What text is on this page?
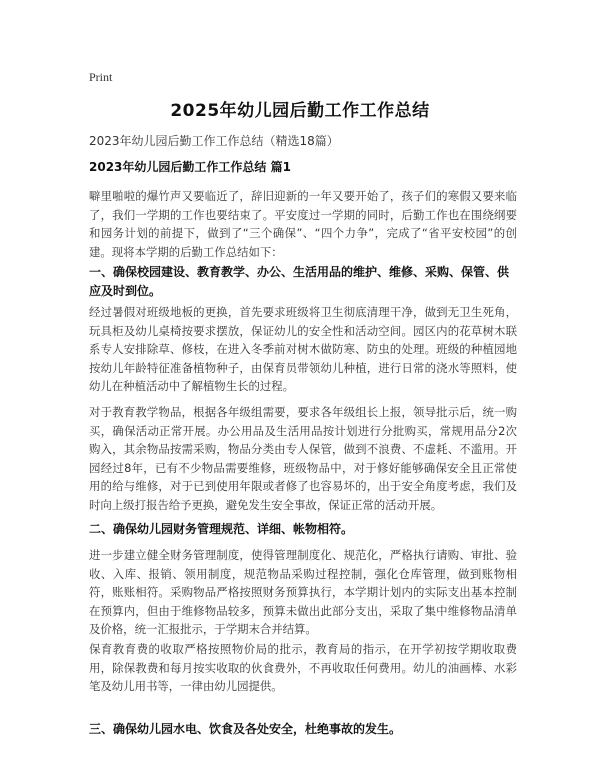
Print
2025年幼儿园后勤工作工作总结
2023年幼儿园后勤工作工作总结（精选18篇）
2023年幼儿园后勤工作工作总结 篇1

噼里啪啦的爆竹声又要临近了，辞旧迎新的一年又要开始了，孩子们的寒假又要来临了，我们一学期的工作也要结束了。平安度过一学期的同时，后勤工作也在围绕纲要和园务计划的前提下，做到了“三个确保”、“四个力争”，完成了“省平安校园”的创建。现将本学期的后勤工作总结如下：

一、确保校园建设、教育教学、办公、生活用品的维护、维修、采购、保管、供应及时到位。

经过暑假对班级地板的更换，首先要求班级将卫生彻底清理干净，做到无卫生死角，玩具柜及幼儿桌椅按要求摆放，保证幼儿的安全性和活动空间。园区内的花草树木联系专人安排除草、修枝，在进入冬季前对树木做防寒、防虫的处理。班级的种植园地按幼儿年龄特征准备植物种子，由保育员带领幼儿种植，进行日常的浇水等照料，使幼儿在种植活动中了解植物生长的过程。

对于教育教学物品，根据各年级组需要，要求各年级组长上报，领导批示后，统一购买，确保活动正常开展。办公用品及生活用品按计划进行分批购买，常规用品分2次购入，其余物品按需采购，物品分类由专人保管，做到不浪费、不虚耗、不滥用。开园经过8年，已有不少物品需要维修，班级物品中，对于修好能够确保安全且正常使用的给与维修，对于已到使用年限或者修了也容易坏的，出于安全角度考虑，我们及时向上级打报告给予更换，避免发生安全事故，保证正常的活动开展。

二、确保幼儿园财务管理规范、详细、帐物相符。

进一步建立健全财务管理制度，使得管理制度化、规范化，严格执行请购、审批、验收、入库、报销、领用制度，规范物品采购过程控制，强化仓库管理，做到账物相符，账账相符。采购物品严格按照财务预算执行，本学期计划内的实际支出基本控制在预算内，但由于维修物品较多，预算未做出此部分支出，采取了集中维修物品清单及价格，统一汇报批示，于学期末合并结算。

保育教育费的收取严格按照物价局的批示，教育局的指示，在开学初按学期收取费用，除保教费和每月按实收取的伙食费外，不再收取任何费用。幼儿的油画棒、水彩笔及幼儿用书等，一律由幼儿园提供。

三、确保幼儿园水电、饮食及各处安全，杜绝事故的发生。
